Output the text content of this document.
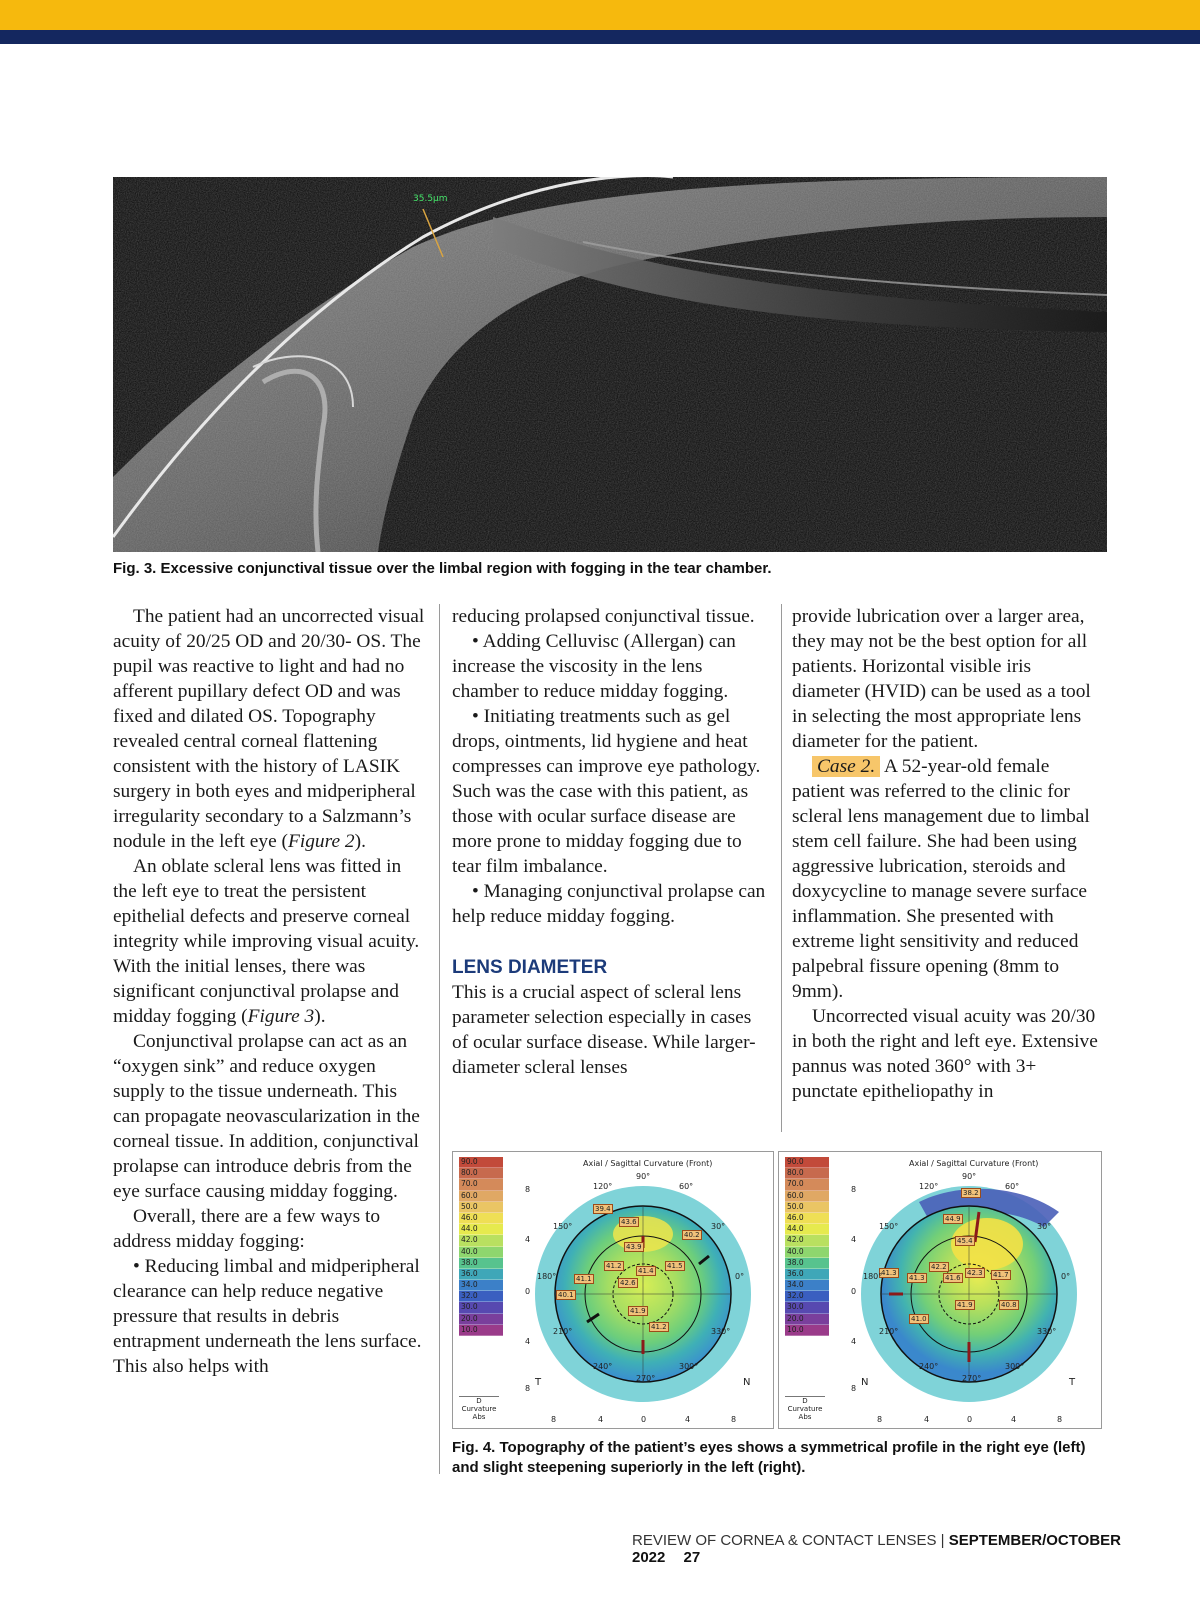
35.5μm
Fig. 3. Excessive conjunctival tissue over the limbal region with fogging in the tear chamber.

The patient had an uncorrected visual acuity of 20/25 OD and 20/30- OS. The pupil was reactive to light and had no afferent pupillary defect OD and was fixed and dilated OS. Topography revealed central corneal flattening consistent with the history of LASIK surgery in both eyes and midperipheral irregularity secondary to a Salzmann’s nodule in the left eye (Figure 2).

An oblate scleral lens was fitted in the left eye to treat the persistent epithelial defects and preserve corneal integrity while improving visual acuity. With the initial lenses, there was significant conjunctival prolapse and midday fogging (Figure 3).

Conjunctival prolapse can act as an “oxygen sink” and reduce oxygen supply to the tissue underneath. This can propagate neovascularization in the corneal tissue. In addition, conjunctival prolapse can introduce debris from the eye surface causing midday fogging.

Overall, there are a few ways to address midday fogging:

• Reducing limbal and midperipheral clearance can help reduce negative pressure that results in debris entrapment underneath the lens surface. This also helps with

reducing prolapsed conjunctival tissue.

• Adding Celluvisc (Allergan) can increase the viscosity in the lens chamber to reduce midday fogging.

• Initiating treatments such as gel drops, ointments, lid hygiene and heat compresses can improve eye pathology. Such was the case with this patient, as those with ocular surface disease are more prone to midday fogging due to tear film imbalance.

• Managing conjunctival prolapse can help reduce midday fogging.

LENS DIAMETER

This is a crucial aspect of scleral lens parameter selection especially in cases of ocular surface disease. While larger-diameter scleral lenses

provide lubrication over a larger area, they may not be the best option for all patients. Horizontal visible iris diameter (HVID) can be used as a tool in selecting the most appropriate lens diameter for the patient.

Case 2. A 52-year-old female patient was referred to the clinic for scleral lens management due to limbal stem cell failure. She had been using aggressive lubrication, steroids and doxycycline to manage severe surface inflammation. She presented with extreme light sensitivity and reduced palpebral fissure opening (8mm to 9mm).

Uncorrected visual acuity was 20/30 in both the right and left eye. Extensive pannus was noted 360° with 3+ punctate epitheliopathy in

90.0
80.0
70.0
60.0
50.0
46.0
44.0
42.0
40.0
38.0
36.0
34.0
32.0
30.0
20.0
10.0
D
Curvature
Abs
Axial / Sagittal Curvature (Front)
39.4
43.6
40.2
43.9
41.2
41.4
41.5
41.1	42.6
40.1
41.9
41.2
90°
120°	60°
150°	30°
180°	0°
210°	330°
240°	300°
270°
T	N
8
4
0
4
8
8	4	0	4	8
90.0
80.0
70.0
60.0
50.0
46.0
44.0
42.0
40.0
38.0
36.0
34.0
32.0
30.0
20.0
10.0
D
Curvature
Abs
Axial / Sagittal Curvature (Front)
38.2
44.9
45.4
42.2
42.3
41.3
41.3	41.6	41.7
41.9	40.8
41.0
90°
120°	60°
150°	30°
180°	0°
210°	330°
240°	300°
270°
N	T
8
4
0
4
8
8	4	0	4	8
Fig. 4. Topography of the patient’s eyes shows a symmetrical profile in the right eye (left) and slight steepening superiorly in the left (right).
REVIEW OF CORNEA & CONTACT LENSES | SEPTEMBER/OCTOBER 2022 27
